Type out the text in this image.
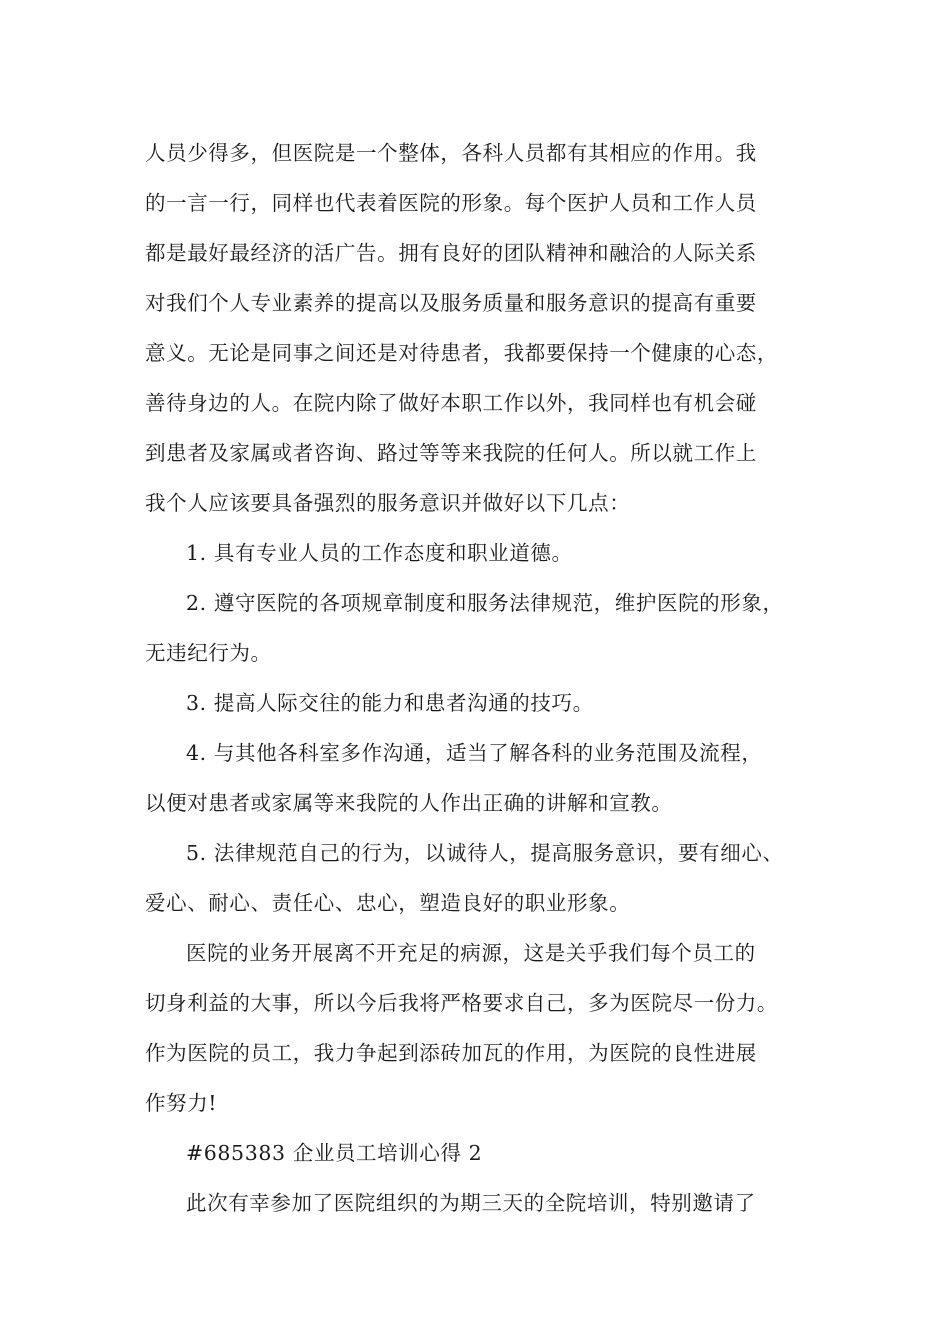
人员少得多，但医院是一个整体，各科人员都有其相应的作用。我
的一言一行，同样也代表着医院的形象。每个医护人员和工作人员
都是最好最经济的活广告。拥有良好的团队精神和融洽的人际关系
对我们个人专业素养的提高以及服务质量和服务意识的提高有重要
意义。无论是同事之间还是对待患者，我都要保持一个健康的心态，
善待身边的人。在院内除了做好本职工作以外，我同样也有机会碰
到患者及家属或者咨询、路过等等来我院的任何人。所以就工作上
我个人应该要具备强烈的服务意识并做好以下几点：
1. 具有专业人员的工作态度和职业道德。
2. 遵守医院的各项规章制度和服务法律规范，维护医院的形象，
无违纪行为。
3. 提高人际交往的能力和患者沟通的技巧。
4. 与其他各科室多作沟通，适当了解各科的业务范围及流程，
以便对患者或家属等来我院的人作出正确的讲解和宣教。
5. 法律规范自己的行为，以诚待人，提高服务意识，要有细心、
爱心、耐心、责任心、忠心，塑造良好的职业形象。
医院的业务开展离不开充足的病源，这是关乎我们每个员工的
切身利益的大事，所以今后我将严格要求自己，多为医院尽一份力。
作为医院的员工，我力争起到添砖加瓦的作用，为医院的良性进展
作努力!
#685383 企业员工培训心得 2
此次有幸参加了医院组织的为期三天的全院培训，特别邀请了
